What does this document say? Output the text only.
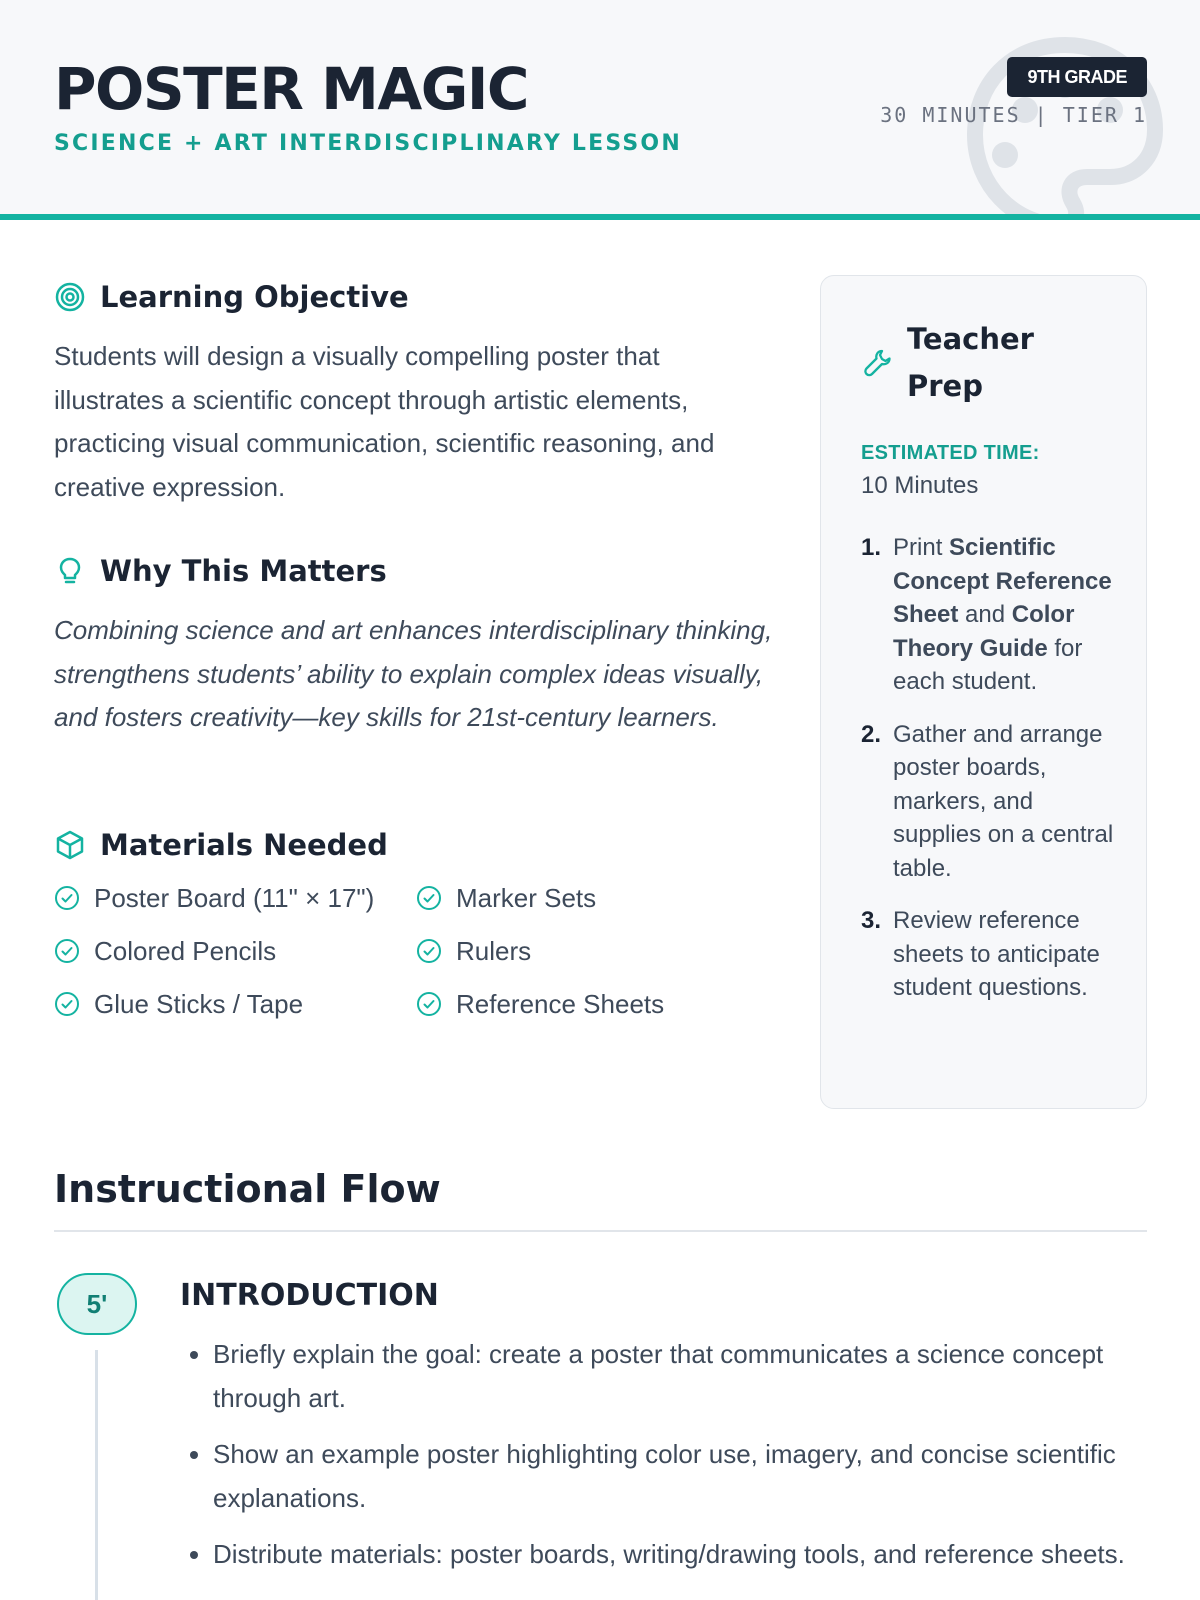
POSTER MAGIC
SCIENCE + ART INTERDISCIPLINARY LESSON
9TH GRADE
30 MINUTES | TIER 1
Learning Objective

Students will design a visually compelling poster that illustrates a scientific concept through artistic elements, practicing visual communication, scientific reasoning, and creative expression.

Why This Matters

Combining science and art enhances interdisciplinary thinking, strengthens students’ ability to explain complex ideas visually, and fosters creativity—key skills for 21st-century learners.

Materials Needed
Poster Board (11" × 17")	Marker Sets
Colored Pencils	Rulers
Glue Sticks / Tape	Reference Sheets
Teacher Prep
ESTIMATED TIME:
10 Minutes
1. Print Scientific Concept Reference Sheet and Color Theory Guide for each student.
2. Gather and arrange poster boards, markers, and supplies on a central table.
3. Review reference sheets to anticipate student questions.
Instructional Flow
5'	INTRODUCTION
• Briefly explain the goal: create a poster that communicates a science concept through art.
• Show an example poster highlighting color use, imagery, and concise scientific explanations.
• Distribute materials: poster boards, writing/drawing tools, and reference sheets.
